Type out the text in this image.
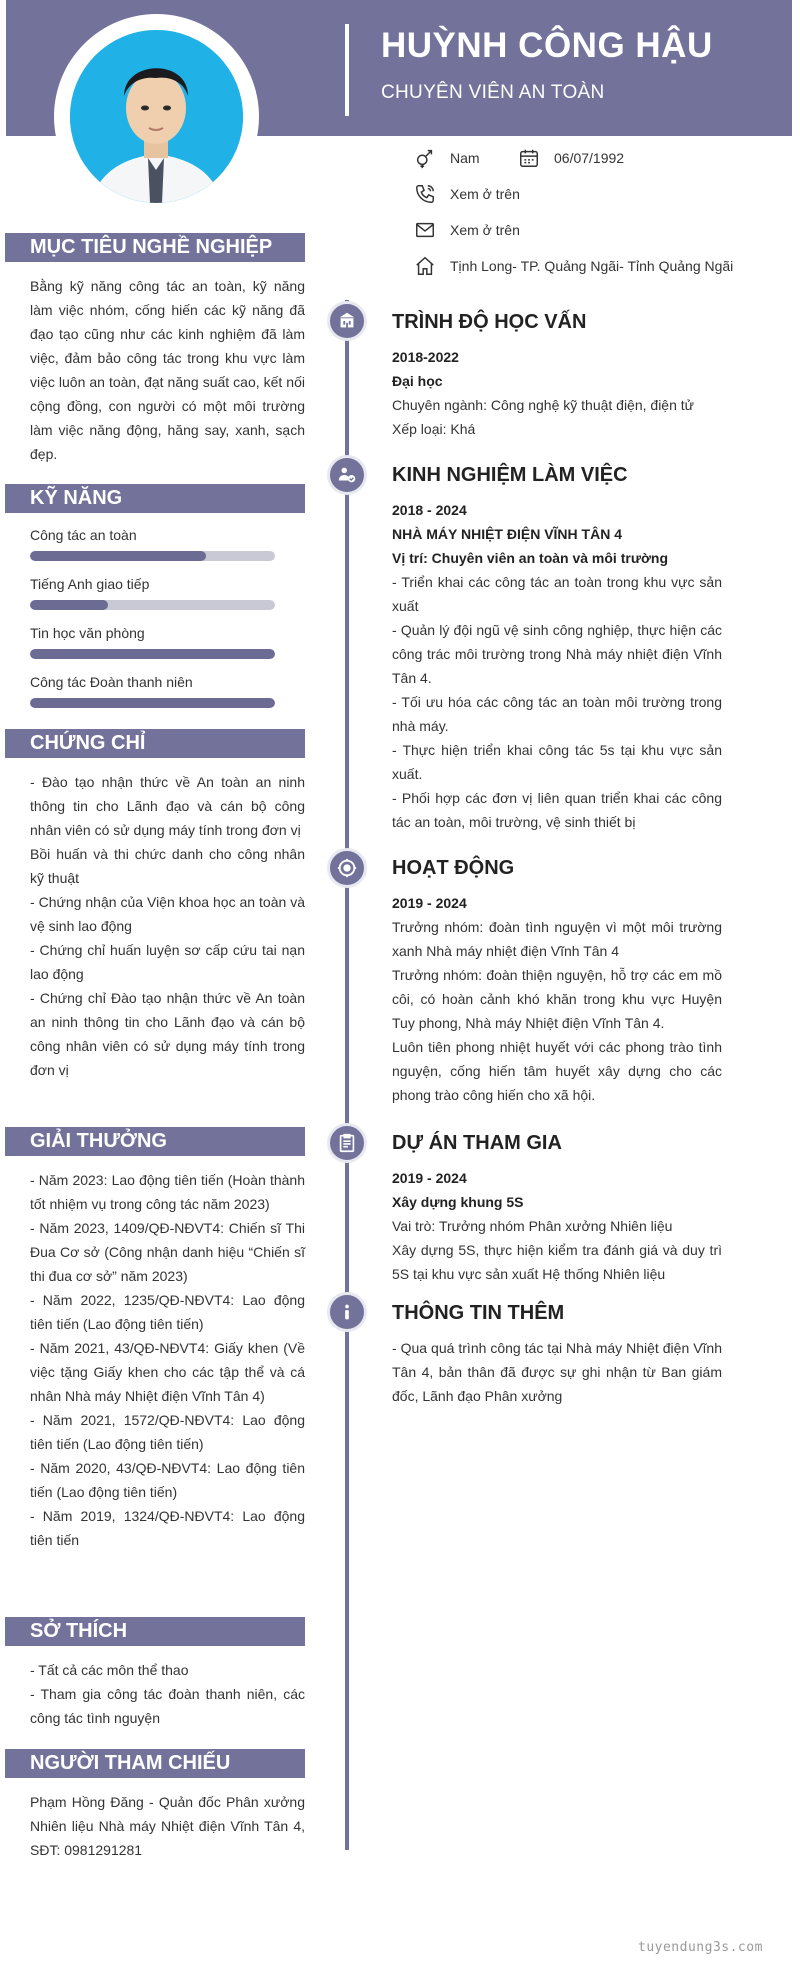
HUỲNH CÔNG HẬU
CHUYÊN VIÊN AN TOÀN
Nam	06/07/1992
Xem ở trên
Xem ở trên
Tịnh Long- TP. Quảng Ngãi- Tỉnh Quảng Ngãi
MỤC TIÊU NGHỀ NGHIỆP

Bằng kỹ năng công tác an toàn, kỹ năng làm việc nhóm, cống hiến các kỹ năng đã đạo tạo cũng như các kinh nghiệm đã làm việc, đảm bảo công tác trong khu vực làm việc luôn an toàn, đạt năng suất cao, kết nối cộng đồng, con người có một môi trường làm việc năng động, hăng say, xanh, sạch đẹp.

KỸ NĂNG
Công tác an toàn
Tiếng Anh giao tiếp
Tin học văn phòng
Công tác Đoàn thanh niên
CHỨNG CHỈ

- Đào tạo nhận thức về An toàn an ninh thông tin cho Lãnh đạo và cán bộ công nhân viên có sử dụng máy tính trong đơn vị

Bồi huấn và thi chức danh cho công nhân kỹ thuật

- Chứng nhận của Viện khoa học an toàn và vệ sinh lao động

- Chứng chỉ huấn luyện sơ cấp cứu tai nạn lao động

- Chứng chỉ Đào tạo nhận thức về An toàn an ninh thông tin cho Lãnh đạo và cán bộ công nhân viên có sử dụng máy tính trong đơn vị

GIẢI THƯỞNG

- Năm 2023: Lao động tiên tiến (Hoàn thành tốt nhiệm vụ trong công tác năm 2023)

- Năm 2023, 1409/QĐ-NĐVT4: Chiến sĩ Thi Đua Cơ sở (Công nhận danh hiệu “Chiến sĩ thi đua cơ sở” năm 2023)

- Năm 2022, 1235/QĐ-NĐVT4: Lao động tiên tiến (Lao động tiên tiến)

- Năm 2021, 43/QĐ-NĐVT4: Giấy khen (Về việc tặng Giấy khen cho các tập thể và cá nhân Nhà máy Nhiệt điện Vĩnh Tân 4)

- Năm 2021, 1572/QĐ-NĐVT4: Lao động tiên tiến (Lao động tiên tiến)

- Năm 2020, 43/QĐ-NĐVT4: Lao động tiên tiến (Lao động tiên tiến)

- Năm 2019, 1324/QĐ-NĐVT4: Lao động tiên tiến

SỞ THÍCH

- Tất cả các môn thể thao

- Tham gia công tác đoàn thanh niên, các công tác tình nguyện

NGƯỜI THAM CHIẾU

Phạm Hồng Đăng - Quản đốc Phân xưởng Nhiên liệu Nhà máy Nhiệt điện Vĩnh Tân 4, SĐT: 0981291281

TRÌNH ĐỘ HỌC VẤN

2018-2022

Đại học

Chuyên ngành: Công nghệ kỹ thuật điện, điện tử

Xếp loại: Khá

KINH NGHIỆM LÀM VIỆC

2018 - 2024

NHÀ MÁY NHIỆT ĐIỆN VĨNH TÂN 4

Vị trí: Chuyên viên an toàn và môi trường

- Triển khai các công tác an toàn trong khu vực sản xuất

- Quản lý đội ngũ vệ sinh công nghiệp, thực hiện các công trác môi trường trong Nhà máy nhiệt điện Vĩnh Tân 4.

- Tối ưu hóa các công tác an toàn môi trường trong nhà máy.

- Thực hiện triển khai công tác 5s tại khu vực sản xuất.

- Phối hợp các đơn vị liên quan triển khai các công tác an toàn, môi trường, vệ sinh thiết bị

HOẠT ĐỘNG

2019 - 2024

Trưởng nhóm: đoàn tình nguyện vì một môi trường xanh Nhà máy nhiệt điện Vĩnh Tân 4

Trưởng nhóm: đoàn thiện nguyện, hỗ trợ các em mồ côi, có hoàn cảnh khó khăn trong khu vực Huyện Tuy phong, Nhà máy Nhiệt điện Vĩnh Tân 4.

Luôn tiên phong nhiệt huyết với các phong trào tình nguyện, cống hiến tâm huyết xây dựng cho các phong trào công hiến cho xã hội.

DỰ ÁN THAM GIA

2019 - 2024

Xây dựng khung 5S

Vai trò: Trưởng nhóm Phân xưởng Nhiên liệu

Xây dựng 5S, thực hiện kiểm tra đánh giá và duy trì 5S tại khu vực sản xuất Hệ thống Nhiên liệu

THÔNG TIN THÊM

- Qua quá trình công tác tại Nhà máy Nhiệt điện Vĩnh Tân 4, bản thân đã được sự ghi nhận từ Ban giám đốc, Lãnh đạo Phân xưởng

tuyendung3s.com
